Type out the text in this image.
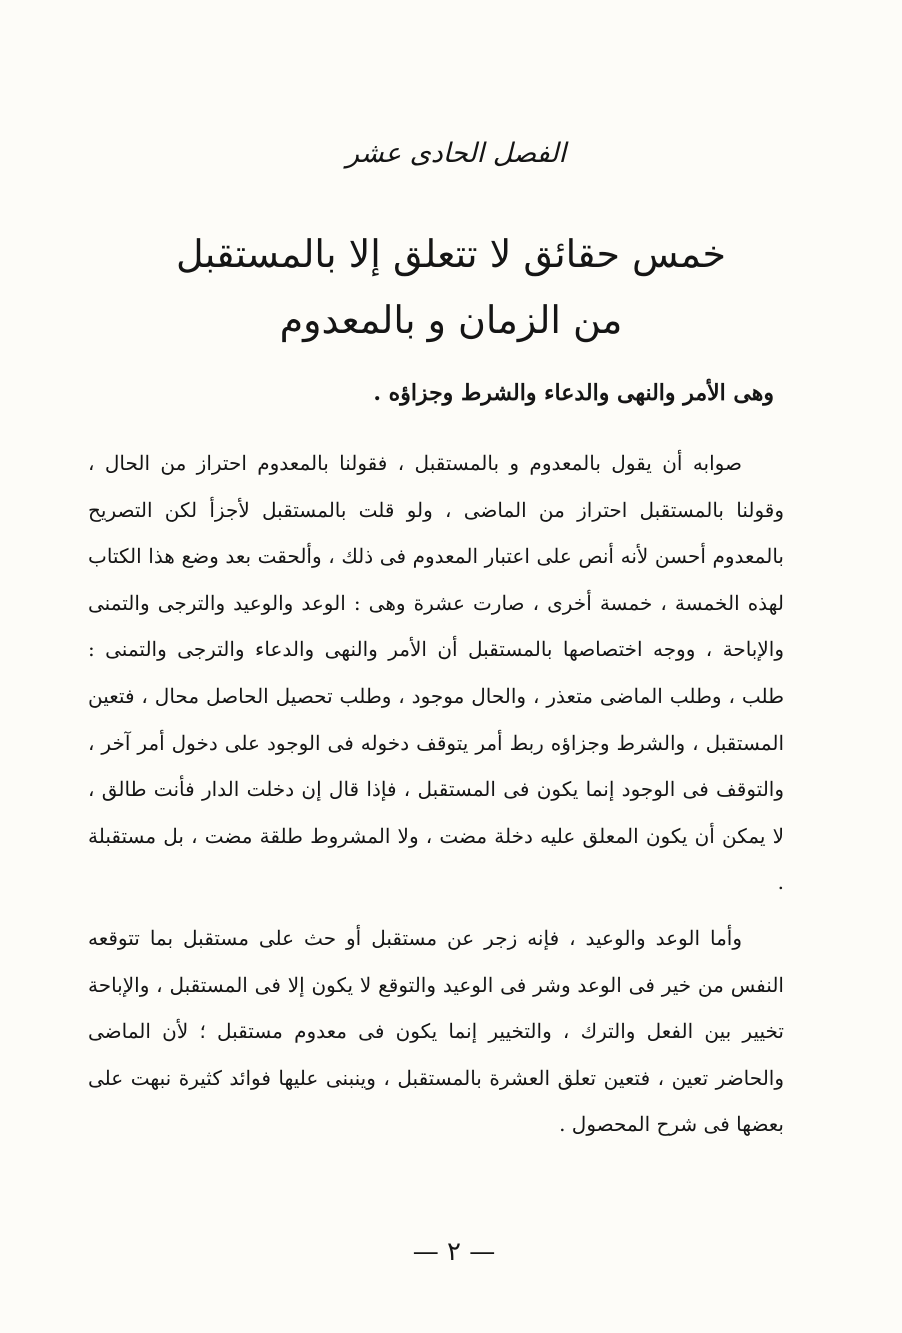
الفصل الحادى عشر
خمس حقائق لا تتعلق إلا بالمستقبل
من الزمان و بالمعدوم
وهى الأمر والنهى والدعاء والشرط وجزاؤه .

صوابه أن يقول بالمعدوم و بالمستقبل ، فقولنا بالمعدوم احتراز من الحال ، وقولنا بالمستقبل احتراز من الماضى ، ولو قلت بالمستقبل لأجزأ لكن التصريح بالمعدوم أحسن لأنه أنص على اعتبار المعدوم فى ذلك ، وألحقت بعد وضع هذا الكتاب لهذه الخمسة ، خمسة أخرى ، صارت عشرة وهى : الوعد والوعيد والترجى والتمنى والإباحة ، ووجه اختصاصها بالمستقبل أن الأمر والنهى والدعاء والترجى والتمنى : طلب ، وطلب الماضى متعذر ، والحال موجود ، وطلب تحصيل الحاصل محال ، فتعين المستقبل ، والشرط وجزاؤه ربط أمر يتوقف دخوله فى الوجود على دخول أمر آخر ، والتوقف فى الوجود إنما يكون فى المستقبل ، فإذا قال إن دخلت الدار فأنت طالق ، لا يمكن أن يكون المعلق عليه دخلة مضت ، ولا المشروط طلقة مضت ، بل مستقبلة .

وأما الوعد والوعيد ، فإنه زجر عن مستقبل أو حث على مستقبل بما تتوقعه النفس من خير فى الوعد وشر فى الوعيد والتوقع لا يكون إلا فى المستقبل ، والإباحة تخيير بين الفعل والترك ، والتخيير إنما يكون فى معدوم مستقبل ؛ لأن الماضى والحاضر تعين ، فتعين تعلق العشرة بالمستقبل ، وينبنى عليها فوائد كثيرة نبهت على بعضها فى شرح المحصول .

— ٢ —
